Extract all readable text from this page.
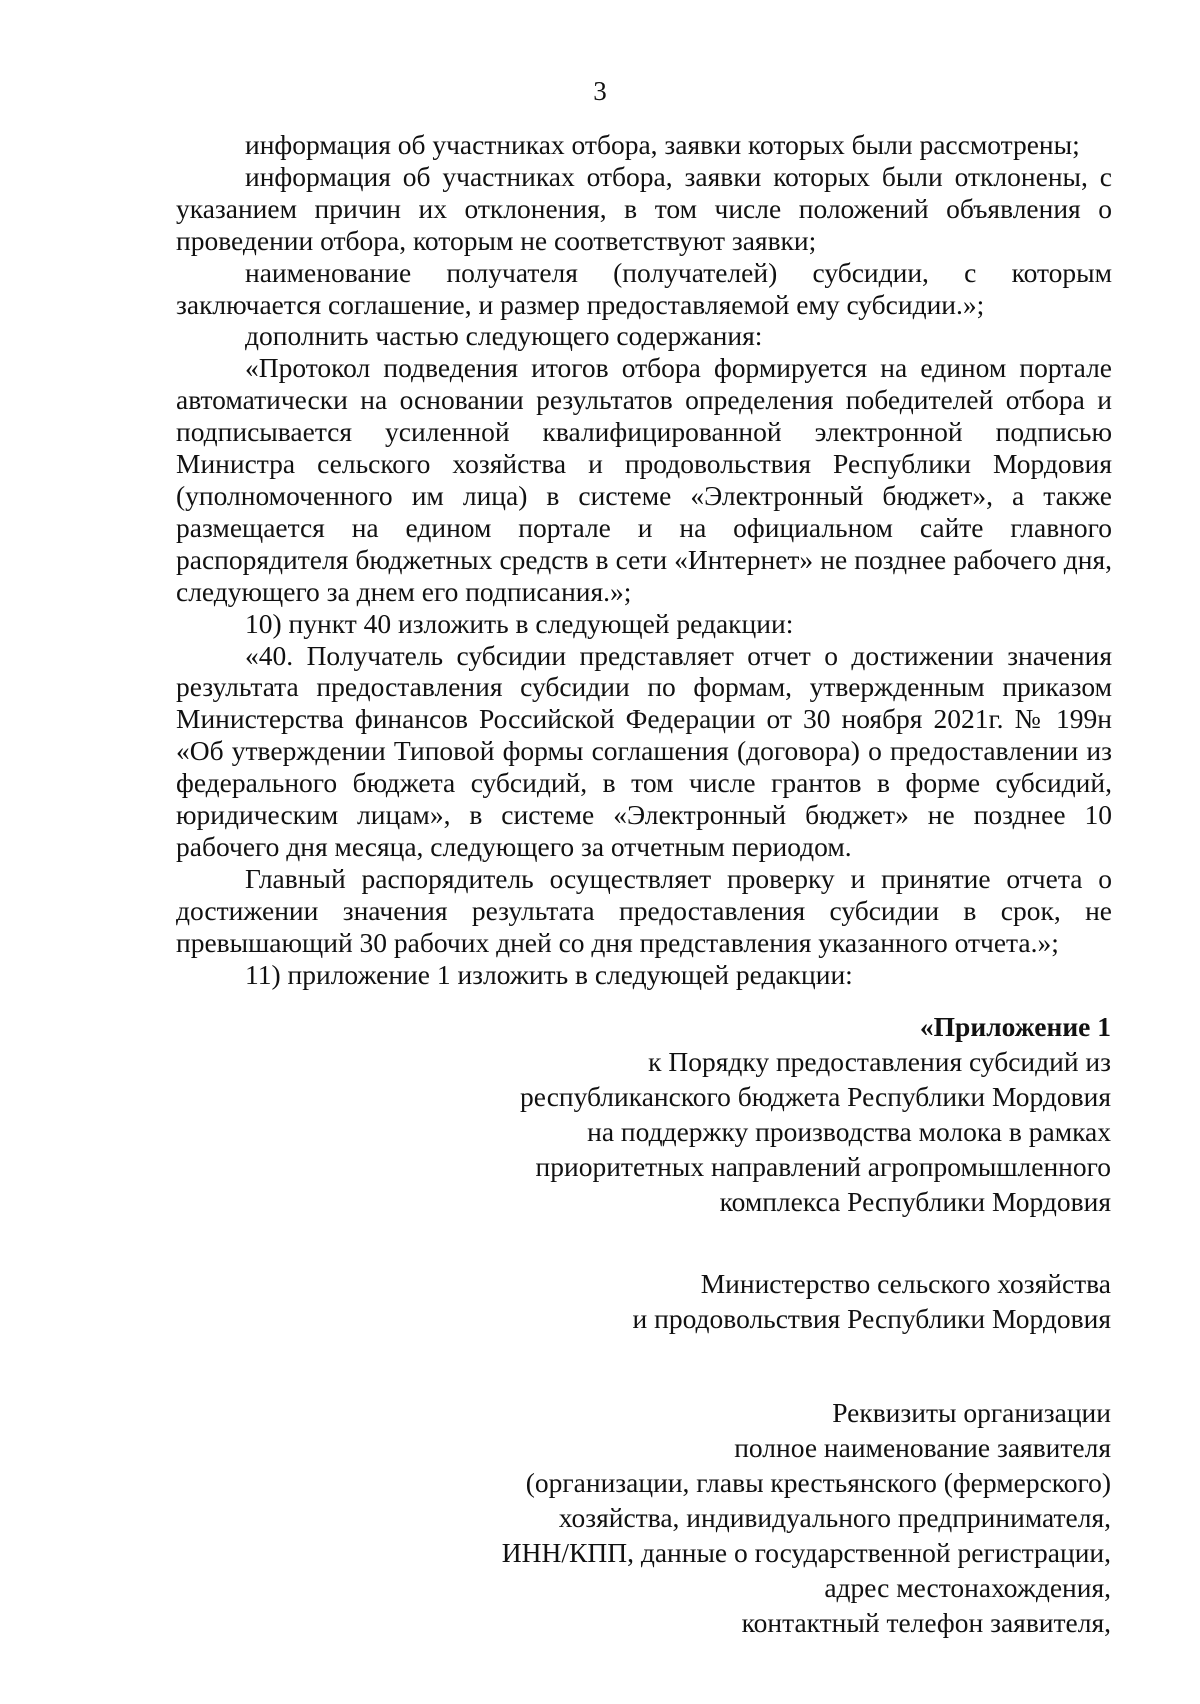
3

информация об участниках отбора, заявки которых были рассмотрены;

информация об участниках отбора, заявки которых были отклонены, с указанием причин их отклонения, в том числе положений объявления о проведении отбора, которым не соответствуют заявки;

наименование получателя (получателей) субсидии, с которым заключается соглашение, и размер предоставляемой ему субсидии.»;

дополнить частью следующего содержания:

«Протокол подведения итогов отбора формируется на едином портале автоматически на основании результатов определения победителей отбора и подписывается усиленной квалифицированной электронной подписью Министра сельского хозяйства и продовольствия Республики Мордовия (уполномоченного им лица) в системе «Электронный бюджет», а также размещается на едином портале и на официальном сайте главного распорядителя бюджетных средств в сети «Интернет» не позднее рабочего дня, следующего за днем его подписания.»;

10) пункт 40 изложить в следующей редакции:

«40. Получатель субсидии представляет отчет о достижении значения результата предоставления субсидии по формам, утвержденным приказом Министерства финансов Российской Федерации от 30 ноября 2021г. № 199н «Об утверждении Типовой формы соглашения (договора) о предоставлении из федерального бюджета субсидий, в том числе грантов в форме субсидий, юридическим лицам», в системе «Электронный бюджет» не позднее 10 рабочего дня месяца, следующего за отчетным периодом.

Главный распорядитель осуществляет проверку и принятие отчета о достижении значения результата предоставления субсидии в срок, не превышающий 30 рабочих дней со дня представления указанного отчета.»;

11) приложение 1 изложить в следующей редакции:

«Приложение 1
к Порядку предоставления субсидий из
республиканского бюджета Республики Мордовия
на поддержку производства молока в рамках
приоритетных направлений агропромышленного
комплекса Республики Мордовия
Министерство сельского хозяйства
и продовольствия Республики Мордовия
Реквизиты организации
полное наименование заявителя
(организации, главы крестьянского (фермерского)
хозяйства, индивидуального предпринимателя,
ИНН/КПП, данные о государственной регистрации,
адрес местонахождения,
контактный телефон заявителя,
